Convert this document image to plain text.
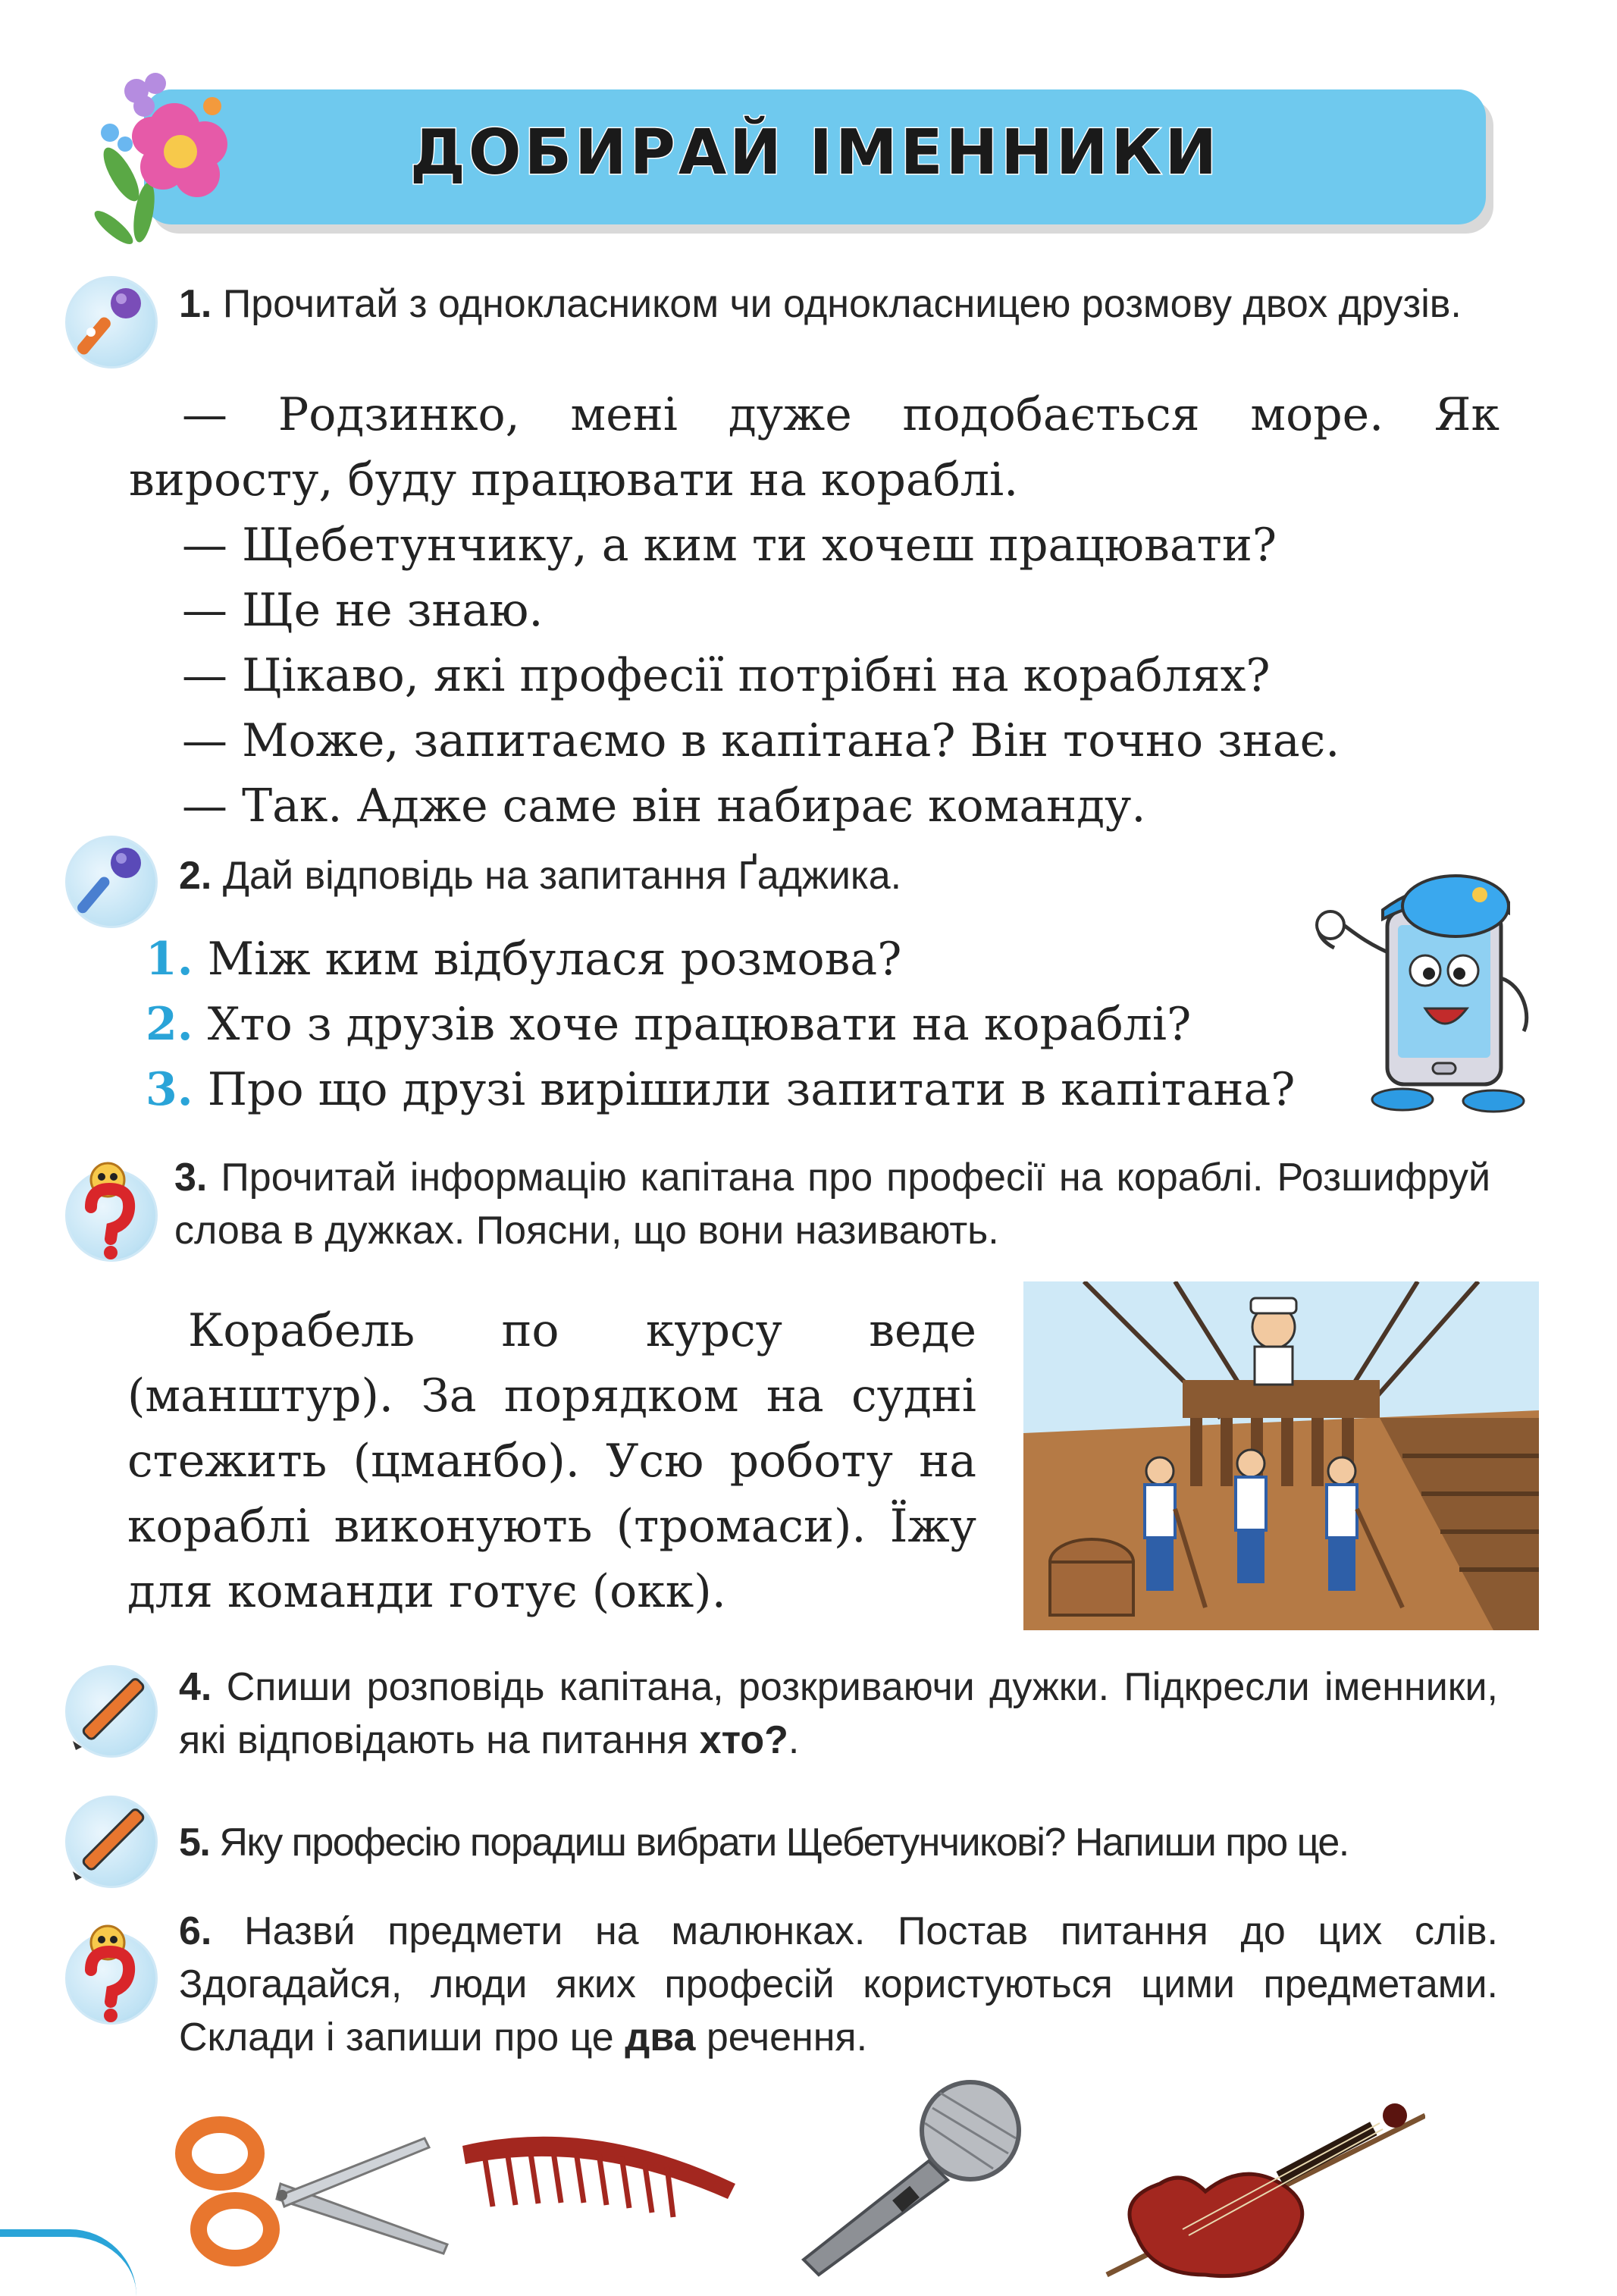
ДОБИРАЙ ІМЕННИКИ
1. Прочитай з однокласником чи однокласницею розмову двох друзів.

— Родзинко, мені дуже подобається море. Як виросту, буду працювати на кораблі.

— Щебетунчику, а ким ти хочеш працювати?

— Ще не знаю.

— Цікаво, які професії потрібні на кораблях?

— Може, запитаємо в капітана? Він точно знає.

— Так. Адже саме він набирає команду.

2. Дай відповідь на запитання Ґаджика.

1. Між ким відбулася розмова?

2. Хто з друзів хоче працювати на кораблі?

3. Про що друзі вирішили запитати в капітана?

3. Прочитай інформацію капітана про професії на кораблі. Розшифруй слова в дужках. Поясни, що вони називають.
Корабель по курсу веде (манштур). За порядком на судні стежить (цманбо). Усю роботу на кораблі виконують (тромаси). Їжу для команди готує (окк).
4. Спиши розповідь капітана, розкриваючи дужки. Підкресли іменники, які відповідають на питання хто?.
5. Яку професію порадиш вибрати Щебетунчикові? Напиши про це.
6. Назви́ предмети на малюнках. Постав питання до цих слів. Здогадайся, люди яких професій користуються цими предметами. Склади і запиши про це два речення.
